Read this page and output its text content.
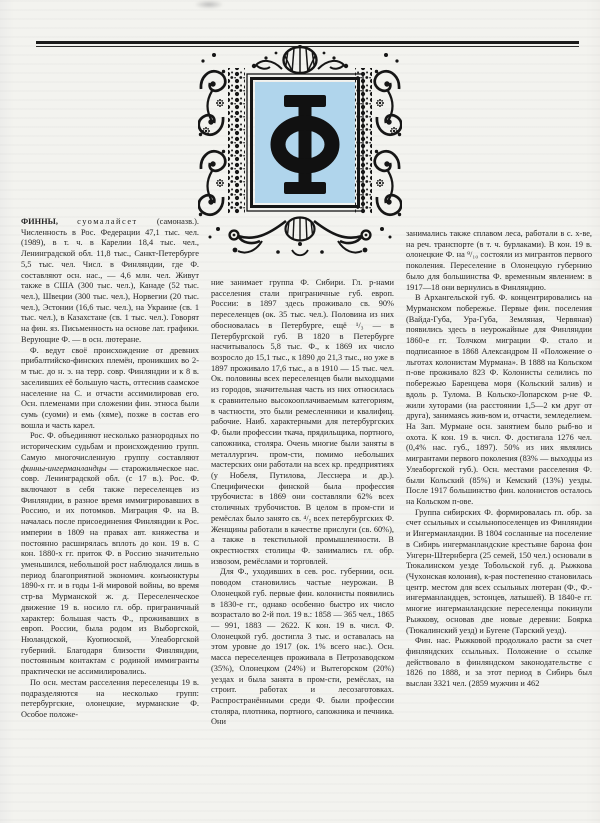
ФИННЫ, суомалайсет (самоназв.). Численность в Рос. Федерации 47,1 тыс. чел. (1989), в т. ч. в Карелии 18,4 тыс. чел., Ленинградской обл. 11,8 тыс., Санкт-Петербурге 5,5 тыс. чел. Числ. в Финляндии, где Ф. составляют осн. нас., — 4,6 млн. чел. Живут также в США (300 тыс. чел.), Канаде (52 тыс. чел.), Швеции (300 тыс. чел.), Норвегии (20 тыс. чел.), Эстонии (16,6 тыс. чел.), на Украине (св. 1 тыс. чел.), в Казахстане (св. 1 тыс. чел.). Говорят на фин. яз. Письменность на основе лат. графики. Верующие Ф. — в осн. лютеране.

Ф. ведут своё происхождение от древних прибалтийско-финских племён, проникших во 2-м тыс. до н. э. на терр. совр. Финляндии и к 8 в. заселивших её большую часть, оттеснив саамское население на С. и отчасти ассимилировав его. Осн. племенами при сложении фин. этноса были сумь (суоми) и емь (хяме), позже в состав его вошла и часть карел.

Рос. Ф. объединяют несколько разнородных по историческим судьбам и происхождению групп. Самую многочисленную группу составляют финны-ингерманландцы — старожильческое нас. совр. Ленинградской обл. (с 17 в.). Рос. Ф. включают в себя также переселенцев из Финляндии, в разное время иммигрировавших в Россию, и их потомков. Миграция Ф. на В. началась после присоединения Финляндии к Рос. империи в 1809 на правах авт. княжества и постоянно расширялась вплоть до кон. 19 в. С кон. 1880-х гг. приток Ф. в Россию значительно уменьшился, небольшой рост наблюдался лишь в период благоприятной экономич. конъюнктуры 1890-х гг. и в годы 1-й мировой войны, во время стр-ва Мурманской ж. д. Переселенческое движение 19 в. носило гл. обр. приграничный характер: большая часть Ф., проживавших в европ. России, была родом из Выборгской, Нюландской, Куопиоской, Улеаборгской губерний. Благодаря близости Финляндии, постоянным контактам с родиной иммигранты практически не ассимилировались.

По осн. местам расселения переселенцы 19 в. подразделяются на несколько групп: петербургские, олонецкие, мурманские Ф. Особое положе-

ние занимает группа Ф. Сибири. Гл. р-нами расселения стали приграничные губ. европ. России: в 1897 здесь проживало св. 90% переселенцев (ок. 35 тыс. чел.). Половина из них обосновалась в Петербурге, ещё ¹/₃ — в Петербургской губ. В 1820 в Петербурге насчитывалось 5,8 тыс. Ф., к 1869 их число возросло до 15,1 тыс., к 1890 до 21,3 тыс., но уже в 1897 проживало 17,6 тыс., а в 1910 — 15 тыс. чел. Ок. половины всех переселенцев были выходцами из городов, значительная часть из них относилась к сравнительно высокооплачиваемым категориям, в частности, это были ремесленники и квалифиц. рабочие. Наиб. характерными для петербургских Ф. были профессии ткача, прядильщика, портного, сапожника, столяра. Очень многие были заняты в металлургич. пром-сти, помимо небольших мастерских они работали на всех кр. предприятиях (у Нобеля, Путилова, Лесснера и др.). Специфически финской была профессия трубочиста: в 1869 они составляли 62% всех столичных трубочистов. В целом в пром-сти и ремёслах было занято св. ⁴/₅ всех петербургских Ф. Женщины работали в качестве прислуги (св. 60%), а также в текстильной промышленности. В окрестностях столицы Ф. занимались гл. обр. извозом, ремёслами и торговлей.

Для Ф., уходивших в сев. рос. губернии, осн. поводом становились частые неурожаи. В Олонецкой губ. первые фин. колонисты появились в 1830-е гг., однако особенно быстро их число возрастало во 2-й пол. 19 в.: 1858 — 365 чел., 1865 — 991, 1883 — 2622. К кон. 19 в. числ. Ф. Олонецкой губ. достигла 3 тыс. и оставалась на этом уровне до 1917 (ок. 1% всего нас.). Осн. масса переселенцев проживала в Петрозаводском (35%), Олонецком (24%) и Вытегорском (20%) уездах и была занята в пром-сти, ремёслах, на строит. работах и лесозаготовках. Распространёнными среди Ф. были профессии столяра, плотника, портного, сапожника и печника. Они

занимались также сплавом леса, работали в с. х-ве, на реч. транспорте (в т. ч. бурлаками). В кон. 19 в. олонецкие Ф. на ⁹/₁₀ состояли из мигрантов первого поколения. Переселение в Олонецкую губернию было для большинства Ф. временным явлением: в 1917—18 они вернулись в Финляндию.

В Архангельской губ. Ф. концентрировались на Мурманском побережье. Первые фин. поселения (Вайда-Губа, Ура-Губа, Земляная, Червяная) появились здесь в неурожайные для Финляндии 1860-е гг. Толчком миграции Ф. стало и подписанное в 1868 Александром II «Положение о льготах колонистам Мурмана». В 1888 на Кольском п-ове проживало 823 Ф. Колонисты селились по побережью Баренцева моря (Кольский залив) и вдоль р. Тулома. В Кольско-Лопарском р-не Ф. жили хуторами (на расстоянии 1,5—2 км друг от друга), занимаясь жив-вом и, отчасти, земледелием. На Зап. Мурмане осн. занятием было рыб-во и охота. К кон. 19 в. числ. Ф. достигала 1276 чел. (0,4% нас. губ., 1897). 50% из них являлись мигрантами первого поколения (83% — выходцы из Улеаборгской губ.). Осн. местами расселения Ф. были Кольский (85%) и Кемский (13%) уезды. После 1917 большинство фин. колонистов осталось на Кольском п-ове.

Группа сибирских Ф. формировалась гл. обр. за счет ссыльных и ссыльнопоселенцев из Финляндии и Ингерманландии. В 1804 сосланные на поселение в Сибирь ингерманландские крестьяне барона фон Унгерн-Штернберга (25 семей, 150 чел.) основали в Тюкалинском уезде Тобольской губ. д. Рыжкова (Чухонская колония), к-рая постепенно становилась центр. местом для всех ссыльных лютеран (Ф., Ф.-ингерманландцев, эстонцев, латышей). В 1840-е гг. многие ингерманландские переселенцы покинули Рыжкову, основав две новые деревни: Боярка (Тюкалинский уезд) и Бугене (Тарский уезд).

Фин. нас. Рыжковой продолжало расти за счет финляндских ссыльных. Положение о ссылке действовало в финляндском законодательстве с 1826 по 1888, и за этот период в Сибирь был выслан 3321 чел. (2859 мужчин и 462
